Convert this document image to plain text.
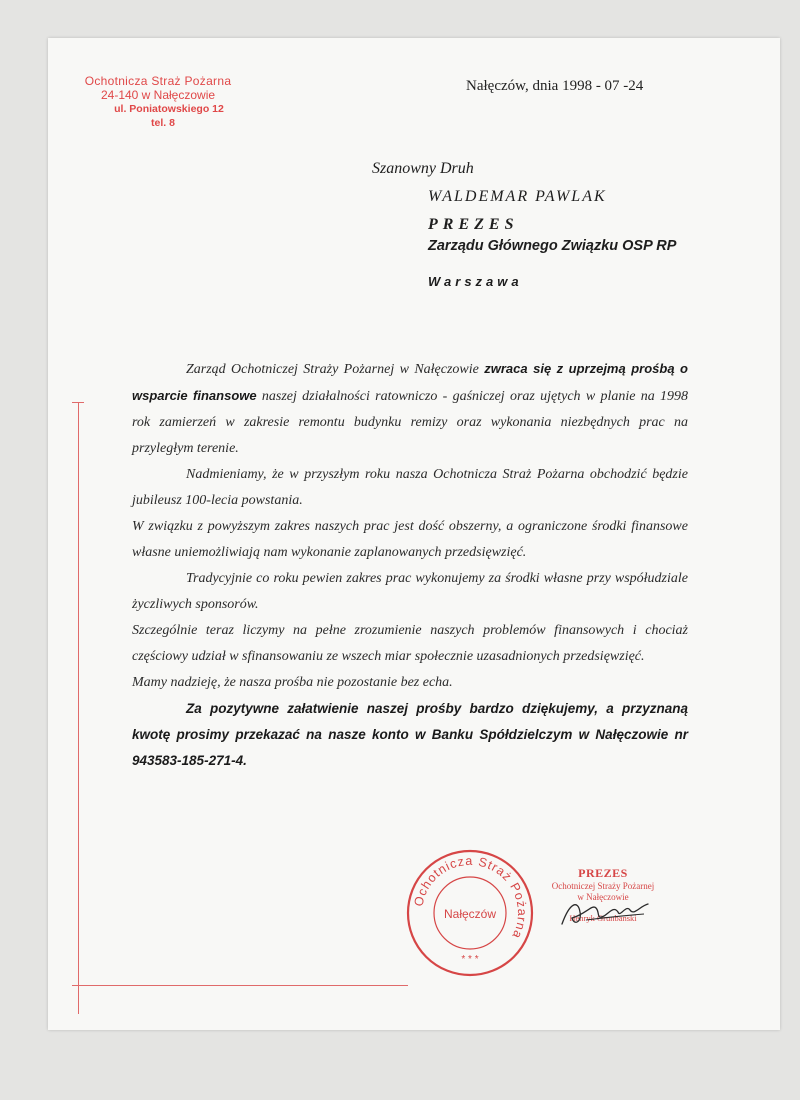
Ochotnicza Straż Pożarna
24-140 w Nałęczowie
ul. Poniatowskiego 12
tel. 8
Nałęczów, dnia 1998 - 07 -24
Szanowny Druh
WALDEMAR PAWLAK
PREZES
Zarządu Głównego Związku OSP RP
Warszawa

Zarząd Ochotniczej Straży Pożarnej w Nałęczowie zwraca się z uprzejmą prośbą o wsparcie finansowe naszej działalności ratowniczo - gaśniczej oraz ujętych w planie na 1998 rok zamierzeń w zakresie remontu budynku remizy oraz wykonania niezbędnych prac na przyległym terenie.

Nadmieniamy, że w przyszłym roku nasza Ochotnicza Straż Pożarna obchodzić będzie jubileusz 100-lecia powstania.

W związku z powyższym zakres naszych prac jest dość obszerny, a ograniczone środki finansowe własne uniemożliwiają nam wykonanie zaplanowanych przedsięwzięć.

Tradycyjnie co roku pewien zakres prac wykonujemy za środki własne przy współudziale życzliwych sponsorów.

Szczególnie teraz liczymy na pełne zrozumienie naszych problemów finansowych i chociaż częściowy udział w sfinansowaniu ze wszech miar społecznie uzasadnionych przedsięwzięć.

Mamy nadzieję, że nasza prośba nie pozostanie bez echa.

Za pozytywne załatwienie naszej prośby bardzo dziękujemy, a przyznaną kwotę prosimy przekazać na nasze konto w Banku Spółdzielczym w Nałęczowie nr 943583-185-271-4.

Ochotnicza Straż Pożarna
Nałęczów
* * *
PREZES
Ochotniczej Straży Pożarnej
w Nałęczowie
Henryk Grunbanski
